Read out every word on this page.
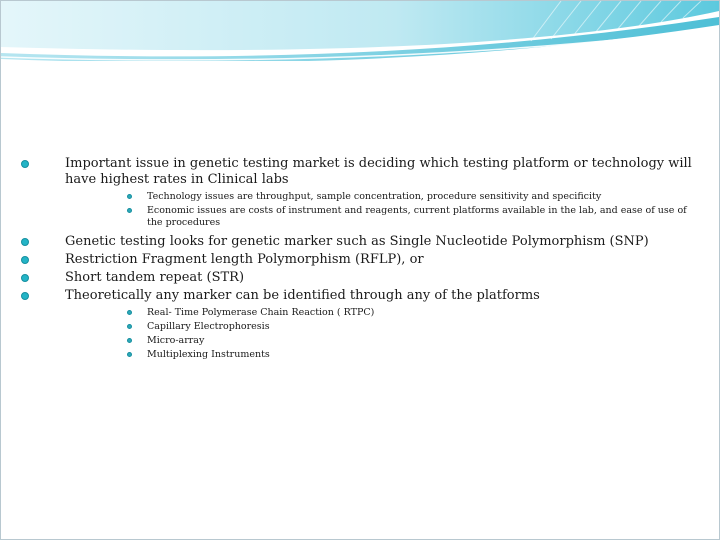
Important issue in genetic testing market is deciding which testing platform or technology will have highest rates in Clinical labs
Technology issues are throughput, sample concentration, procedure sensitivity and specificity
Economic issues are costs of instrument and reagents, current platforms available in the lab, and ease of use of the procedures
Genetic testing looks for genetic marker such as Single Nucleotide Polymorphism (SNP)
Restriction Fragment length Polymorphism (RFLP), or
Short tandem repeat (STR)
Theoretically any marker can be identified through any of the platforms
Real- Time Polymerase Chain Reaction ( RTPC)
Capillary Electrophoresis
Micro-array
Multiplexing Instruments
